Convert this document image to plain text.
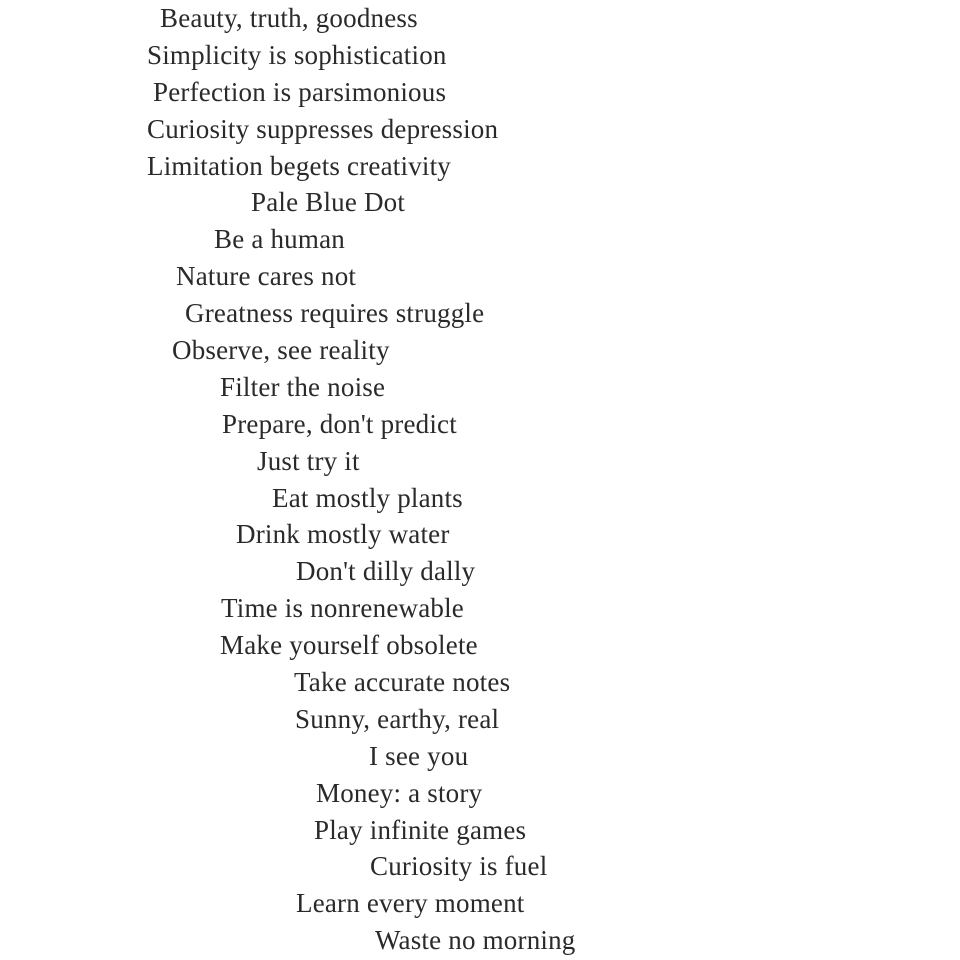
Beauty, truth, goodness
Simplicity is sophistication
Perfection is parsimonious
Curiosity suppresses depression
Limitation begets creativity
Pale Blue Dot
Be a human
Nature cares not
Greatness requires struggle
Observe, see reality
Filter the noise
Prepare, don't predict
Just try it
Eat mostly plants
Drink mostly water
Don't dilly dally
Time is nonrenewable
Make yourself obsolete
Take accurate notes
Sunny, earthy, real
I see you
Money: a story
Play infinite games
Curiosity is fuel
Learn every moment
Waste no morning
